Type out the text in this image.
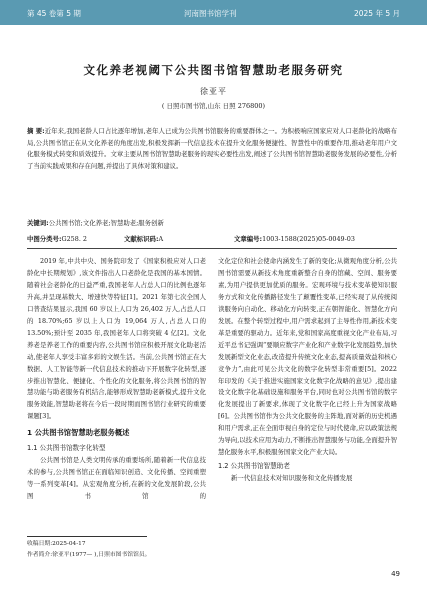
第 45 卷第 5 期	河南图书馆学刊	2025 年 5 月
文化养老视阈下公共图书馆智慧助老服务研究
徐亚平
( 日照市图书馆,山东 日照 276800)
摘 要:近年来,我国老龄人口占比逐年增加,老年人已成为公共图书馆服务的重要群体之一。为积极响应国家应对人口老龄化的战略布局,公共图书馆正在从文化养老的角度出发,积极发挥新一代信息技术在提升文化服务便捷性、智慧性中的重要作用,推动老年用户文化服务模式转变和质效提升。文章主要从图书馆智慧助老服务的现实必要性出发,阐述了公共图书馆智慧助老服务发展的必要性,分析了当前实践成果和存在问题,并提出了具体对策和建议。
关键词:公共图书馆;文化养老;智慧助老;服务创新
中图分类号:G258. 2	文献标识码:A	文章编号:1003-1588(2025)05-0049-03

2019 年,中共中央、国务院印发了《国家积极应对人口老龄化中长期规划》,该文件指出人口老龄化是我国的基本国情。随着社会老龄化的日益严重,我国老年人占总人口的比例也逐年升高,并呈现基数大、增速快等特征[1]。2021 年第七次全国人口普查结果显示,我国 60 岁以上人口为 26,402 万人,占总人口的 18.70%;65 岁以上人口为 19,064 万人,占总人口的 13.50%;预计至 2035 年,我国老年人口将突破 4 亿[2]。文化养老是养老工作的重要内容,公共图书馆应积极开展文化助老活动,使老年人享受丰富多彩的文娱生活。当前,公共图书馆正在大数据、人工智能等新一代信息技术的推动下开展数字化转型,逐步推出智慧化、便捷化、个性化的文化服务,将公共图书馆的智慧功能与助老服务有机结合,能够形成智慧助老新模式,提升文化服务效能,智慧助老将在今后一段时期而图书馆行业研究的重要课题[3]。

1 公共图书馆智慧助老服务概述
1.1 公共图书馆数字化转型

公共图书馆是人类文明传承的重要场所,随着新一代信息技术的参与,公共图书馆正在面临知识创造、文化传播、空间重塑等一系列变革[4]。从宏观角度分析,在新的文化发展阶段,公共图书馆的

文化定位和社会使命内涵发生了新的变化;从微观角度分析,公共图书馆需要从新技术角度重新整合自身的馆藏、空间、服务要素,为用户提供更加优质的服务。宏观环境与技术变革使知识服务方式和文化传播路径发生了颠覆性变革,已经实现了从传统阅读服务向自动化、移动化方向转变,正在朝智能化、智慧化方向发展。在整个转型过程中,用户需求起到了主导性作用,新技术变革是重要的驱动力。近年来,党和国家高度重视文化产业布局,习近平总书记强调“要顺应数字产业化和产业数字化发展趋势,加快发展新型文化业态,改造提升传统文化业态,提高质量效益和核心竞争力”,由此可见公共文化的数字化转型非常重要[5]。2022 年印发的《关于推进实施国家文化数字化战略的意见》,提出建设文化数字化基础设施和服务平台,同时也对公共图书馆的数字化发展提出了新要求,体现了文化数字化已经上升为国家战略[6]。公共图书馆作为公共文化服务的主阵地,面对新的历史机遇和用户需求,正在全面审视自身的定位与时代使命,应以政策法规为导向,以技术应用为动力,不断推出智慧服务与功能,全面提升智慧化服务水平,积极服务国家文化产业大局。

1.2 公共图书馆智慧助老

新一代信息技术对知识服务和文化传播发展

收稿日期:2025-04-17
作者简介:徐亚平(1977— ),日照市图书馆馆员。
49
